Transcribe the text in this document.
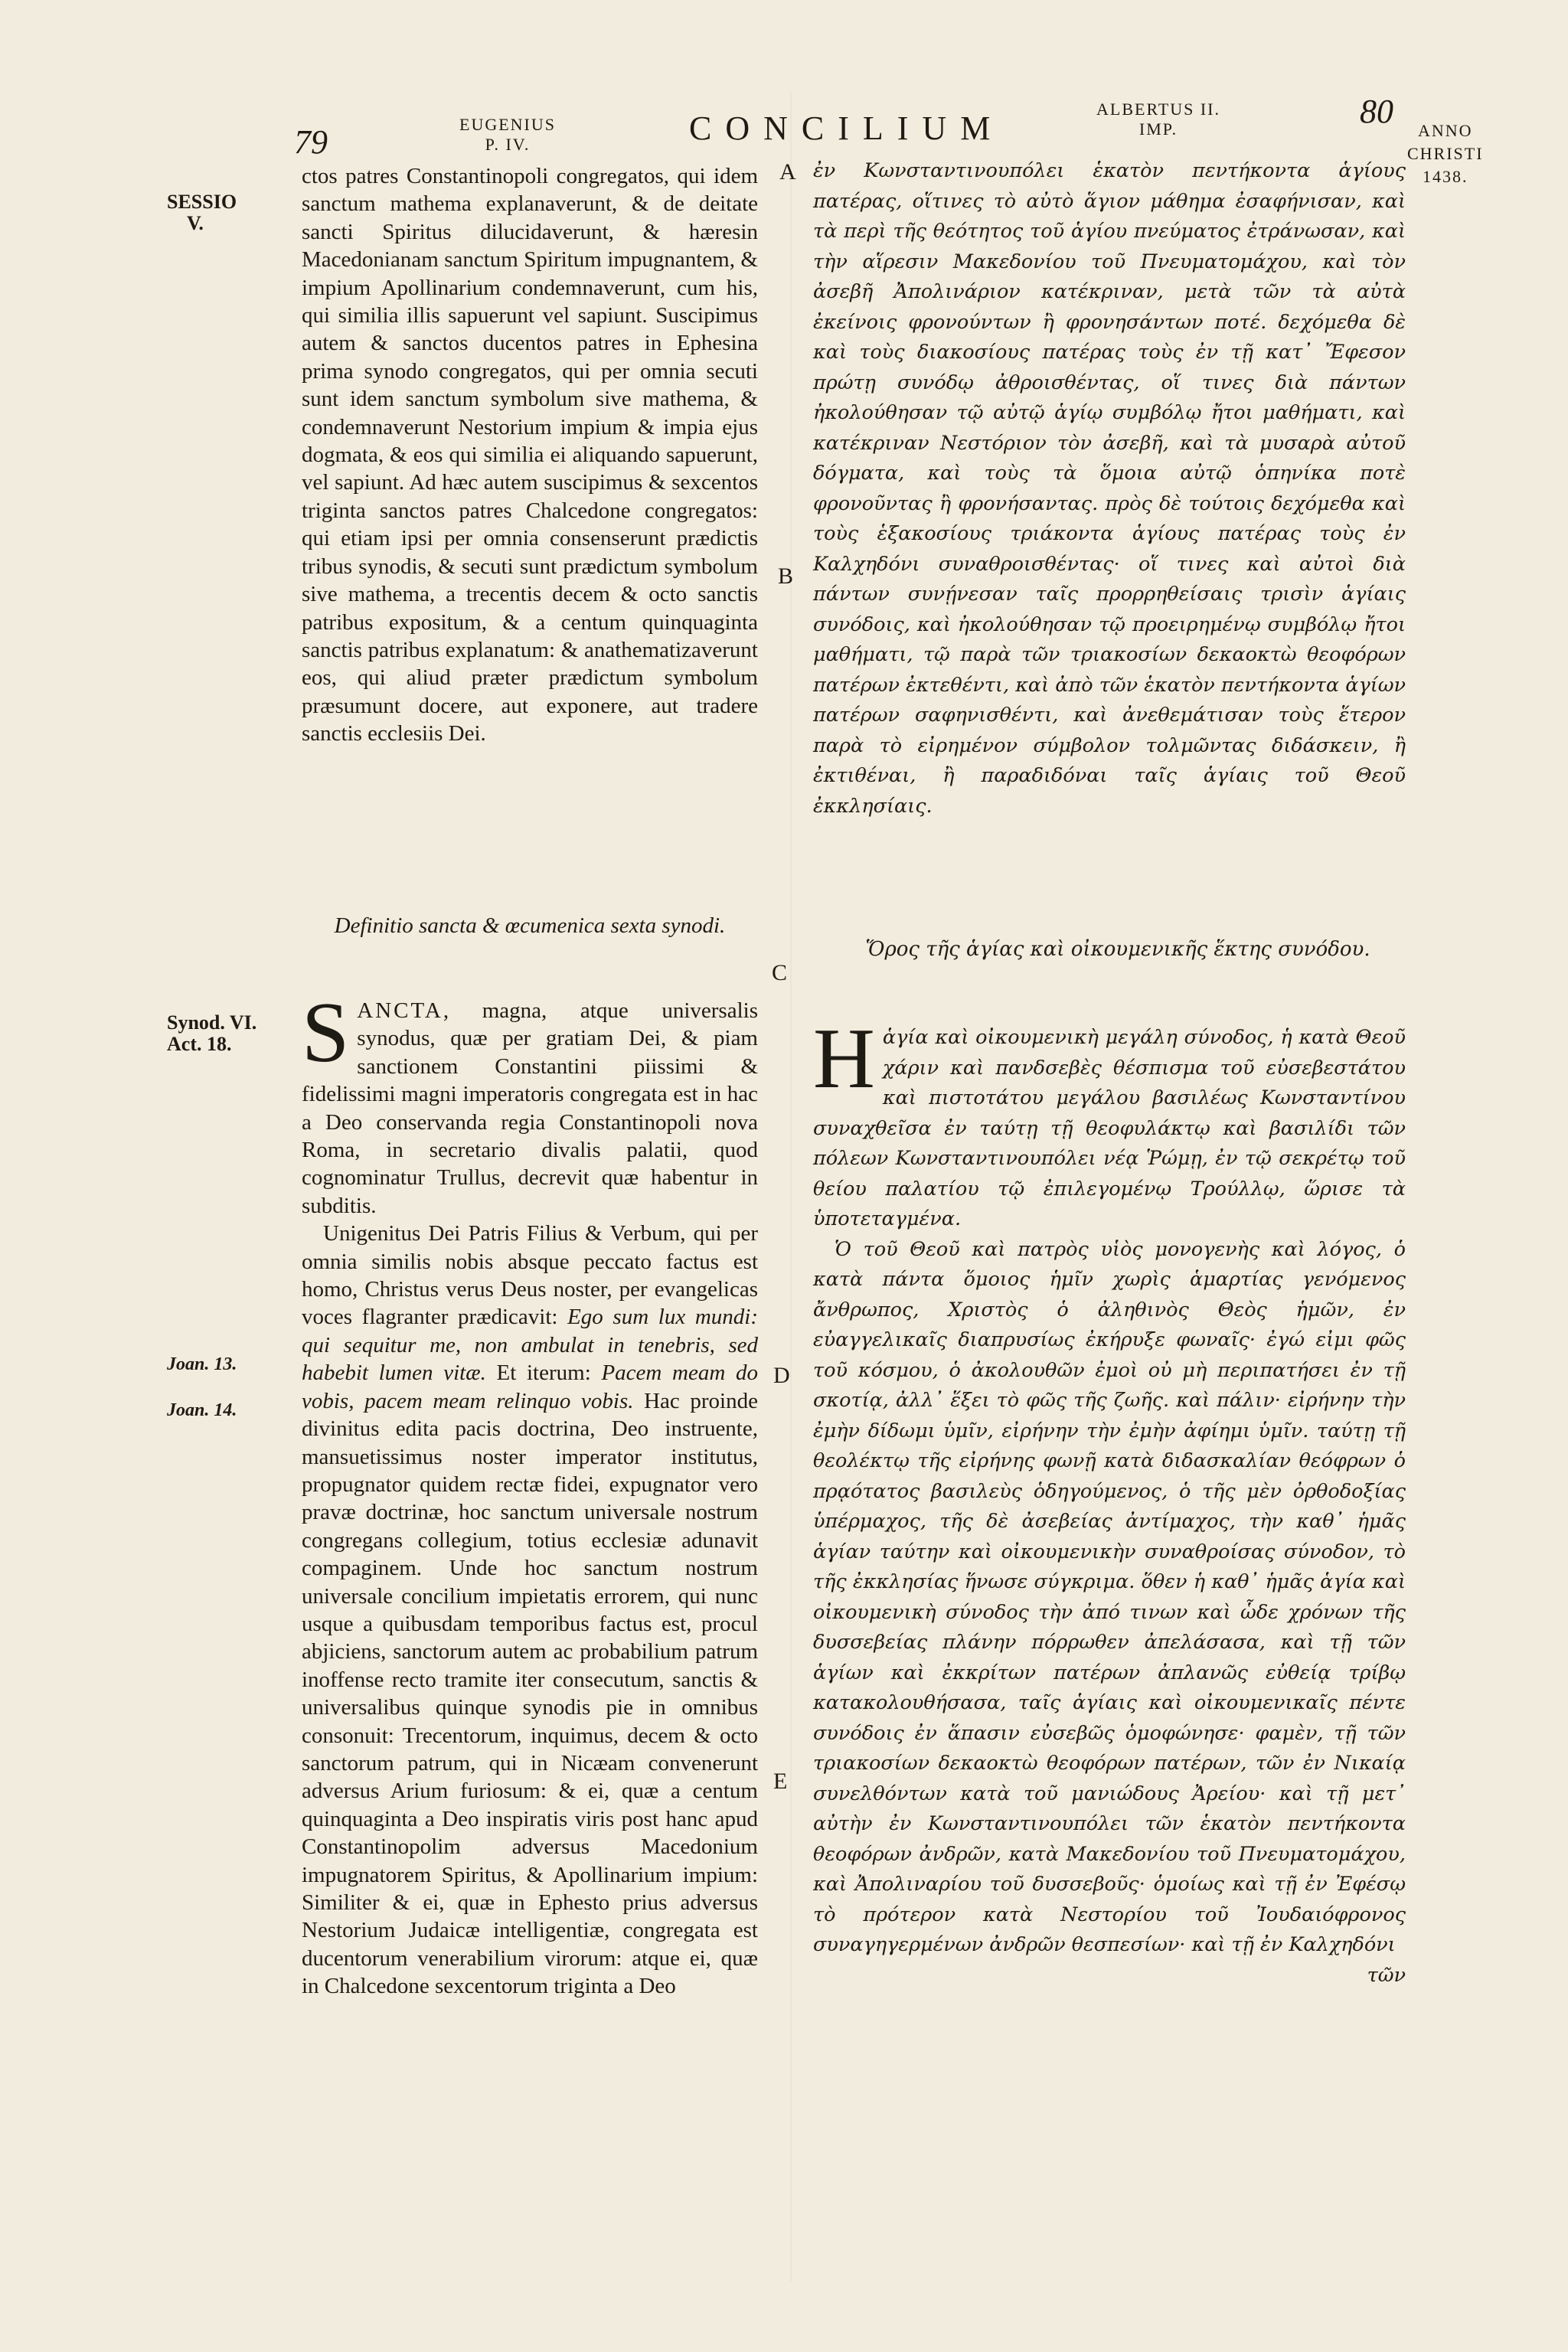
79	EUGENIUS
P. IV.	CONCILIUM
ALBERTUS II.
IMP.	80
ANNO
CHRISTI
1438.
SESSIO
V.
Synod. VI.
Act. 18.
Joan. 13.
Joan. 14.
A
B
C
D
E

ctos patres Constantinopoli congregatos, qui idem sanctum mathema explanaverunt, & de deitate sancti Spiritus dilucidaverunt, & hæresin Macedonianam sanctum Spiritum impugnantem, & impium Apollinarium condemnaverunt, cum his, qui similia illis sapuerunt vel sapiunt. Suscipimus autem & sanctos ducentos patres in Ephesina prima synodo congregatos, qui per omnia secuti sunt idem sanctum symbolum sive mathema, & condemnaverunt Nestorium impium & impia ejus dogmata, & eos qui similia ei aliquando sapuerunt, vel sapiunt. Ad hæc autem suscipimus & sexcentos triginta sanctos patres Chalcedone congregatos: qui etiam ipsi per omnia consenserunt prædictis tribus synodis, & secuti sunt prædictum symbolum sive mathema, a trecentis decem & octo sanctis patribus expositum, & a centum quinquaginta sanctis patribus explanatum: & anathematizaverunt eos, qui aliud præter prædictum symbolum præsumunt docere, aut exponere, aut tradere sanctis ecclesiis Dei.

Definitio sancta & œcumenica sexta synodi.

SANCTA, magna, atque universalis synodus, quæ per gratiam Dei, & piam sanctionem Constantini piissimi & fidelissimi magni imperatoris congregata est in hac a Deo conservanda regia Constantinopoli nova Roma, in secretario divalis palatii, quod cognominatur Trullus, decrevit quæ habentur in subditis.

Unigenitus Dei Patris Filius & Verbum, qui per omnia similis nobis absque peccato factus est homo, Christus verus Deus noster, per evangelicas voces flagranter prædicavit: Ego sum lux mundi: qui sequitur me, non ambulat in tenebris, sed habebit lumen vitæ. Et iterum: Pacem meam do vobis, pacem meam relinquo vobis. Hac proinde divinitus edita pacis doctrina, Deo instruente, mansuetissimus noster imperator institutus, propugnator quidem rectæ fidei, expugnator vero pravæ doctrinæ, hoc sanctum universale nostrum congregans collegium, totius ecclesiæ adunavit compaginem. Unde hoc sanctum nostrum universale concilium impietatis errorem, qui nunc usque a quibusdam temporibus factus est, procul abjiciens, sanctorum autem ac probabilium patrum inoffense recto tramite iter consecutum, sanctis & universalibus quinque synodis pie in omnibus consonuit: Trecentorum, inquimus, decem & octo sanctorum patrum, qui in Nicæam convenerunt adversus Arium furiosum: & ei, quæ a centum quinquaginta a Deo inspiratis viris post hanc apud Constantinopolim adversus Macedonium impugnatorem Spiritus, & Apollinarium impium: Similiter & ei, quæ in Ephesto prius adversus Nestorium Judaicæ intelligentiæ, congregata est ducentorum venerabilium virorum: atque ei, quæ in Chalcedone sexcentorum triginta a Deo

ἐν Κωνσταντινουπόλει ἑκατὸν πεντήκοντα ἁγίους πατέρας, οἵτινες τὸ αὐτὸ ἅγιον μάθημα ἐσαφήνισαν, καὶ τὰ περὶ τῆς θεότητος τοῦ ἁγίου πνεύματος ἐτράνωσαν, καὶ τὴν αἵρεσιν Μακεδονίου τοῦ Πνευματομάχου, καὶ τὸν ἀσεβῆ Ἀπολινάριον κατέκριναν, μετὰ τῶν τὰ αὐτὰ ἐκείνοις φρονούντων ἢ φρονησάντων ποτέ. δεχόμεθα δὲ καὶ τοὺς διακοσίους πατέρας τοὺς ἐν τῇ κατ᾽ Ἔφεσον πρώτῃ συνόδῳ ἀθροισθέντας, οἵ τινες διὰ πάντων ἠκολούθησαν τῷ αὐτῷ ἁγίῳ συμβόλῳ ἤτοι μαθήματι, καὶ κατέκριναν Νεστόριον τὸν ἀσεβῆ, καὶ τὰ μυσαρὰ αὐτοῦ δόγματα, καὶ τοὺς τὰ ὅμοια αὐτῷ ὁπηνίκα ποτὲ φρονοῦντας ἢ φρονήσαντας. πρὸς δὲ τούτοις δεχόμεθα καὶ τοὺς ἑξακοσίους τριάκοντα ἁγίους πατέρας τοὺς ἐν Καλχηδόνι συναθροισθέντας· οἵ τινες καὶ αὐτοὶ διὰ πάντων συνῄνεσαν ταῖς προρρηθείσαις τρισὶν ἁγίαις συνόδοις, καὶ ἠκολούθησαν τῷ προειρημένῳ συμβόλῳ ἤτοι μαθήματι, τῷ παρὰ τῶν τριακοσίων δεκαοκτὼ θεοφόρων πατέρων ἐκτεθέντι, καὶ ἀπὸ τῶν ἑκατὸν πεντήκοντα ἁγίων πατέρων σαφηνισθέντι, καὶ ἀνεθεμάτισαν τοὺς ἕτερον παρὰ τὸ εἰρημένον σύμβολον τολμῶντας διδάσκειν, ἢ ἐκτιθέναι, ἢ παραδιδόναι ταῖς ἁγίαις τοῦ Θεοῦ ἐκκλησίαις.

Ὅρος τῆς ἁγίας καὶ οἰκουμενικῆς ἕκτης συνόδου.

Ηἁγία καὶ οἰκουμενικὴ μεγάλη σύνοδος, ἡ κατὰ Θεοῦ χάριν καὶ πανδσεβὲς θέσπισμα τοῦ εὐσεβεστάτου καὶ πιστοτάτου μεγάλου βασιλέως Κωνσταντίνου συναχθεῖσα ἐν ταύτῃ τῇ θεοφυλάκτῳ καὶ βασιλίδι τῶν πόλεων Κωνσταντινουπόλει νέᾳ Ῥώμῃ, ἐν τῷ σεκρέτῳ τοῦ θείου παλατίου τῷ ἐπιλεγομένῳ Τρούλλῳ, ὥρισε τὰ ὑποτεταγμένα.

Ὁ τοῦ Θεοῦ καὶ πατρὸς υἱὸς μονογενὴς καὶ λόγος, ὁ κατὰ πάντα ὅμοιος ἡμῖν χωρὶς ἁμαρτίας γενόμενος ἄνθρωπος, Χριστὸς ὁ ἀληθινὸς Θεὸς ἡμῶν, ἐν εὐαγγελικαῖς διαπρυσίως ἐκήρυξε φωναῖς· ἐγώ εἰμι φῶς τοῦ κόσμου, ὁ ἀκολουθῶν ἐμοὶ οὐ μὴ περιπατήσει ἐν τῇ σκοτίᾳ, ἀλλ᾽ ἕξει τὸ φῶς τῆς ζωῆς. καὶ πάλιν· εἰρήνην τὴν ἐμὴν δίδωμι ὑμῖν, εἰρήνην τὴν ἐμὴν ἀφίημι ὑμῖν. ταύτῃ τῇ θεολέκτῳ τῆς εἰρήνης φωνῇ κατὰ διδασκαλίαν θεόφρων ὁ πρᾳότατος βασιλεὺς ὁδηγούμενος, ὁ τῆς μὲν ὀρθοδοξίας ὑπέρμαχος, τῆς δὲ ἀσεβείας ἀντίμαχος, τὴν καθ᾽ ἡμᾶς ἁγίαν ταύτην καὶ οἰκουμενικὴν συναθροίσας σύνοδον, τὸ τῆς ἐκκλησίας ἥνωσε σύγκριμα. ὅθεν ἡ καθ᾽ ἡμᾶς ἁγία καὶ οἰκουμενικὴ σύνοδος τὴν ἀπό τινων καὶ ὧδε χρόνων τῆς δυσσεβείας πλάνην πόρρωθεν ἀπελάσασα, καὶ τῇ τῶν ἁγίων καὶ ἐκκρίτων πατέρων ἀπλανῶς εὐθείᾳ τρίβῳ κατακολουθήσασα, ταῖς ἁγίαις καὶ οἰκουμενικαῖς πέντε συνόδοις ἐν ἅπασιν εὐσεβῶς ὁμοφώνησε· φαμὲν, τῇ τῶν τριακοσίων δεκαοκτὼ θεοφόρων πατέρων, τῶν ἐν Νικαίᾳ συνελθόντων κατὰ τοῦ μανιώδους Ἀρείου· καὶ τῇ μετ᾽ αὐτὴν ἐν Κωνσταντινουπόλει τῶν ἑκατὸν πεντήκοντα θεοφόρων ἀνδρῶν, κατὰ Μακεδονίου τοῦ Πνευματομάχου, καὶ Ἀπολιναρίου τοῦ δυσσεβοῦς· ὁμοίως καὶ τῇ ἐν Ἐφέσῳ τὸ πρότερον κατὰ Νεστορίου τοῦ Ἰουδαιόφρονος συναγηγερμένων ἀνδρῶν θεσπεσίων· καὶ τῇ ἐν Καλχηδόνι

τῶν
